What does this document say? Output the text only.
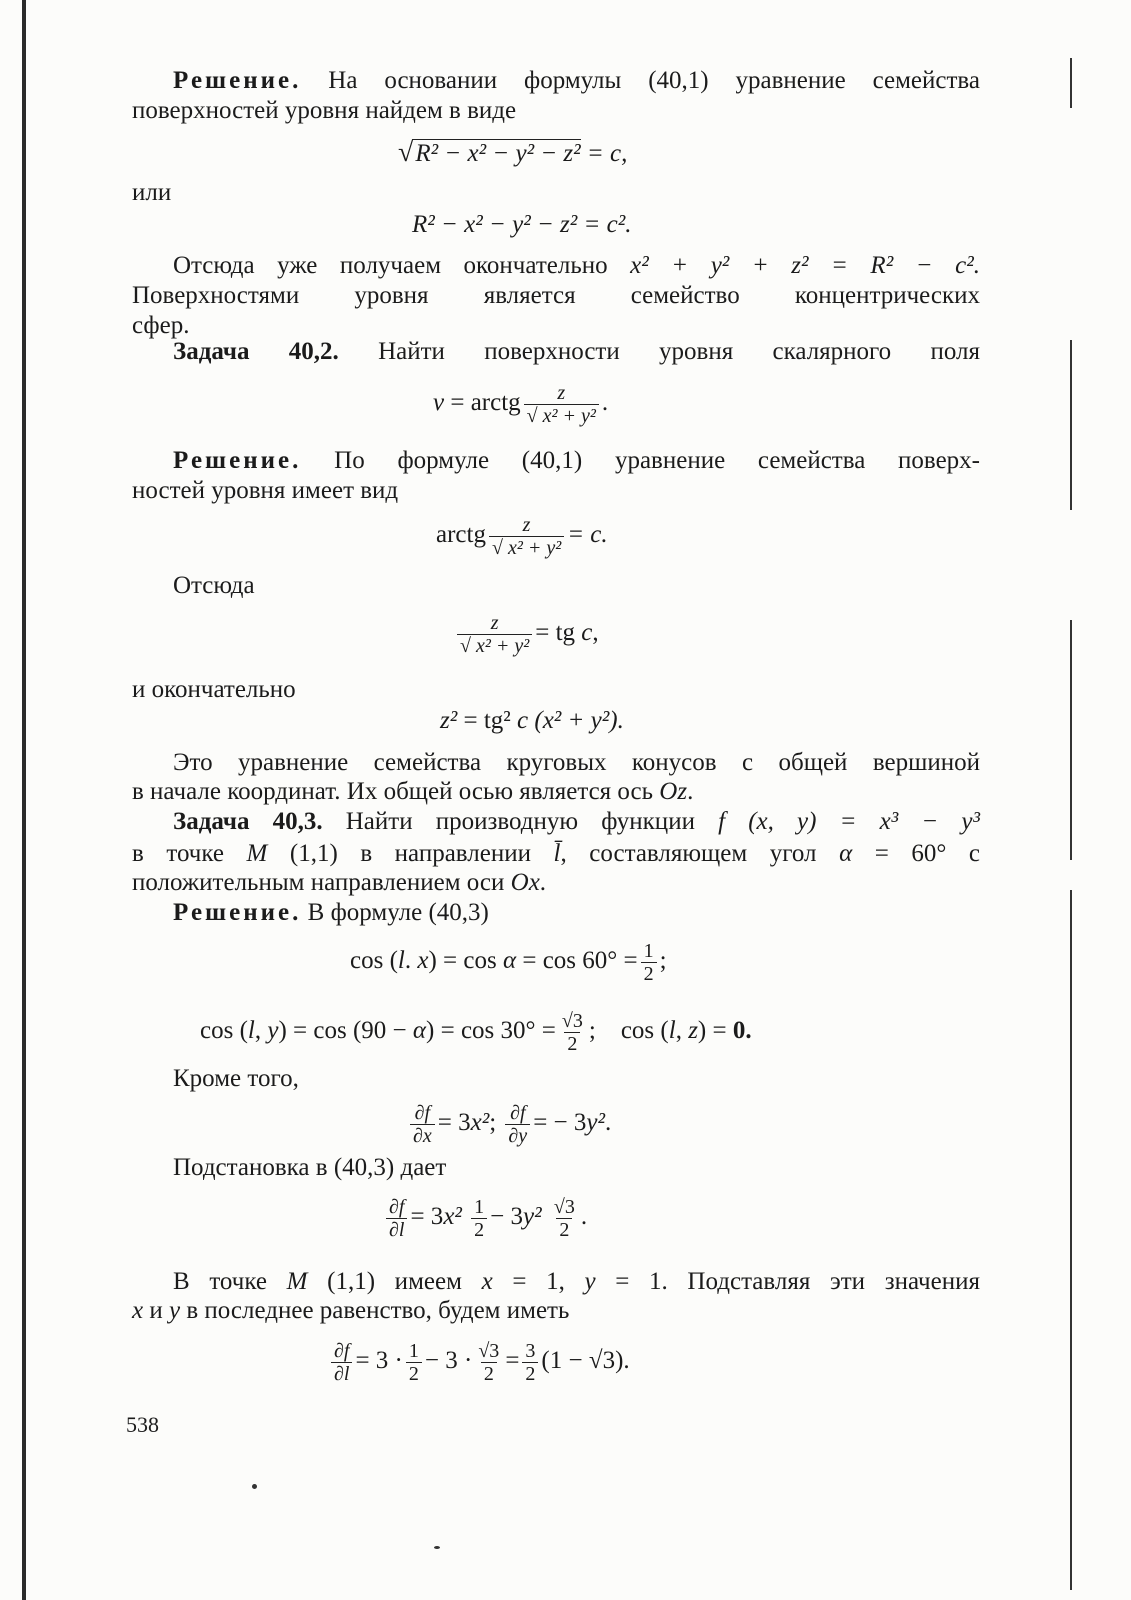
Решение. На основании формулы (40,1) уравнение семейства
поверхностей уровня найдем в виде
√R² − x² − y² − z² = c,
или
R² − x² − y² − z² = c².
Отсюда уже получаем окончательно x² + y² + z² = R² − c².
Поверхностями уровня является семейство концентрических
сфер.
Задача 40,2. Найти поверхности уровня скалярного поля
v = arctg $\frac{z}{\text{√ x² + y²}}$ .
Решение. По формуле (40,1) уравнение семейства поверх-
ностей уровня имеет вид
arctg $\frac{z}{\text{√ x² + y²}} = c$.
Отсюда
$\frac{z}{\text{√ x² + y²}}$ = tg c,
и окончательно
z² = tg² c (x² + y²).
Это уравнение семейства круговых конусов с общей вершиной
в начале координат. Их общей осью является ось Oz.
Задача 40,3. Найти производную функции f (x, y) = x³ − y³
в точке M (1,1) в направлении l̄, составляющем угол α = 60° с
положительным направлением оси Ox.
Решение. В формуле (40,3)
cos (l. $x) = \cos \alpha = \cos 60^\circ = \frac{1}{2}$ ;
cos (l, $y) = \cos (90 - \alpha) = \cos 30^\circ = \frac{√3}{2}$ ;    cos (l, z) = 0.
Кроме того,
$\frac{\partial f}{\partial x} = 3x^2$; $\frac{\partial f}{\partial y}$ = − 3y².
Подстановка в (40,3) дает
$\frac{\partial f}{\partial l} = 3x^2 \frac{1}{2} - 3y^2 \frac{√3}{2}$ .
В точке M (1,1) имеем x = 1, y = 1. Подставляя эти значения
x и y в последнее равенство, будем иметь
$\frac{\partial f}{\partial l} = 3 \cdot \frac{1}{2} - 3 \cdot \frac{√3}{2} = \frac{3}{2} (1 - √3)$.
538
